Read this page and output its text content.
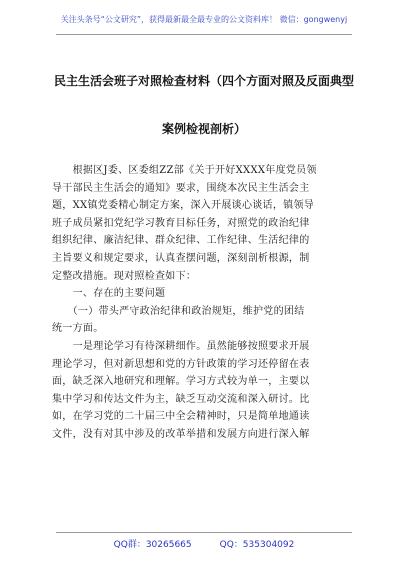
关注头条号“公文研究”，获得最新最全最专业的公文资料库！ 微信：gongwenyj
民主生活会班子对照检查材料（四个方面对照及反面典型
案例检视剖析）
　　根据区J委、区委组ZZ部《关于开好XXXX年度党员领
导干部民主生活会的通知》要求，围绕本次民主生活会主
题，XX镇党委精心制定方案，深入开展谈心谈话，镇领导
班子成员紧扣党纪学习教育目标任务，对照党的政治纪律
组织纪律、廉洁纪律、群众纪律、工作纪律、生活纪律的
主旨要义和规定要求，认真查摆问题，深刻剖析根源，制
定整改措施。现对照检查如下：
　　一、存在的主要问题
　　（一）带头严守政治纪律和政治规矩，维护党的团结
统一方面。
　　一是理论学习有待深耕细作。虽然能够按照要求开展
理论学习，但对新思想和党的方针政策的学习还停留在表
面，缺乏深入地研究和理解。学习方式较为单一，主要以
集中学习和传达文件为主，缺乏互动交流和深入研讨。比
如，在学习党的二十届三中全会精神时，只是简单地通读
文件，没有对其中涉及的改革举措和发展方向进行深入解
QQ群：30265665	QQ：535304092
